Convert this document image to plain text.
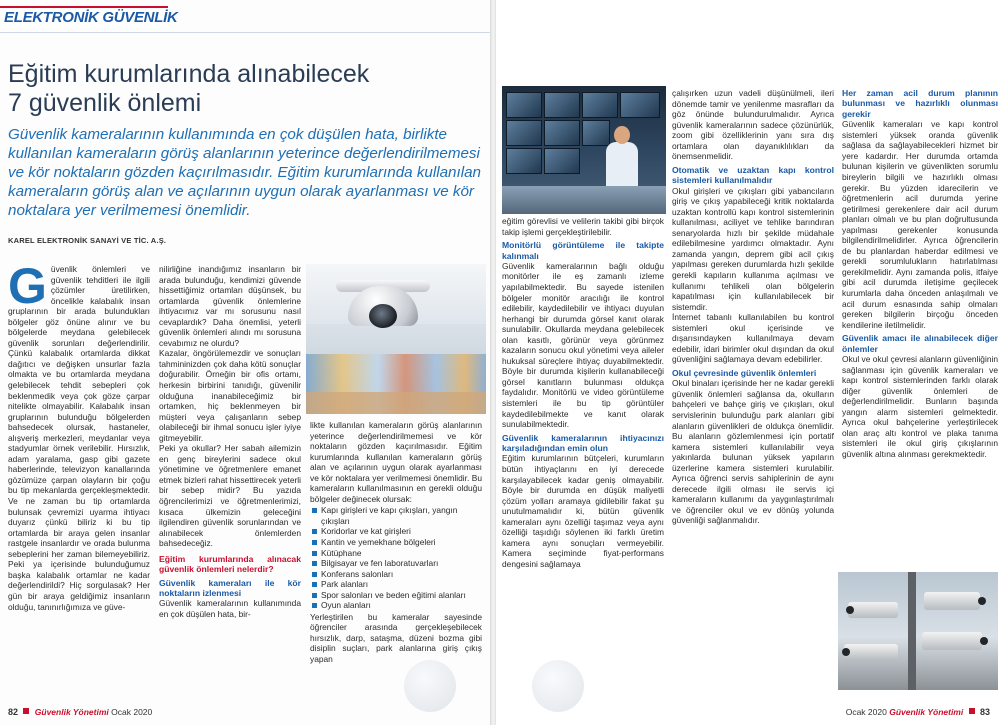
ELEKTRONİK GÜVENLİK
Eğitim kurumlarında alınabilecek
7 güvenlik önlemi
Güvenlik kameralarının kullanımında en çok düşülen hata, birlikte kullanılan kameraların görüş alanlarının yeterince değerlendirilmemesi ve kör noktaların gözden kaçırılmasıdır. Eğitim kurumlarında kullanılan kameraların görüş alan ve açılarının uygun olarak ayarlanması ve kör noktalara yer verilmemesi önemlidir.
KAREL ELEKTRONİK SANAYİ VE TİC. A.Ş.
G üvenlik önlemleri ve güvenlik tehditleri ile ilgili çözümler üretilirken, öncelikle kalabalık insan gruplarının bir arada bulundukları bölgeler göz önüne alınır ve bu bölgelerde meydana gelebilecek güvenlik sorunları değerlendirilir. Çünkü kalabalık ortamlarda dikkat dağıtıcı ve değişken unsurlar fazla olmakta ve bu ortamlarda meydana gelebilecek tehdit sebepleri çok beklenmedik veya çok göze çarpar nitelikte olmayabilir. Kalabalık insan gruplarının bulunduğu bölgelerden bahsedecek olursak, hastaneler, alışveriş merkezleri, meydanlar veya stadyumlar örnek verilebilir. Hırsızlık, adam yaralama, gasp gibi gazete haberlerinde, televizyon kanallarında gözümüze çarpan olayların bir çoğu bu tip mekanlarda gerçekleşmektedir. Ve ne zaman bu tip ortamlarda bulunsak çevremizi uyarma ihtiyacı duyarız çünkü biliriz ki bu tip ortamlarda bir araya gelen insanlar rastgele insanlardır ve orada bulunma sebeplerini her zaman bilemeyebiliriz. Peki ya içerisinde bulunduğumuz başka kalabalık ortamlar ne kadar değerlendirildi? Hiç sorgulasak? Her gün bir araya geldiğimiz insanların olduğu, tanınırlığımıza ve güve-

nilirliğine inandığımız insanların bir arada bulunduğu, kendimizi güvende hissettiğimiz ortamları düşünsek, bu ortamlarda güvenlik önlemlerine ihtiyacımız var mı sorusunu nasıl cevaplardık? Daha önemlisi, yeterli güvenlik önlemleri alındı mı sorusuna cevabımız ne olurdu?

Kazalar, öngörülemezdir ve sonuçları tahmininizden çok daha kötü sonuçlar doğurabilir. Örneğin bir ofis ortamı, herkesin birbirini tanıdığı, güvenilir olduğuna inanabileceğimiz bir ortamken, hiç beklenmeyen bir müşteri veya çalışanların sebep olabileceği bir ihmal sonucu işler iyiye gitmeyebilir.

Peki ya okullar? Her sabah ailemizin en genç bireylerini sadece okul yönetimine ve öğretmenlere emanet etmek bizleri rahat hissettirecek yeterli bir sebep midir? Bu yazıda öğrencilerimizi ve öğretmenlerimizi, kısaca ülkemizin geleceğini ilgilendiren güvenlik sorunlarından ve alınabilecek önlemlerden bahsedeceğiz.

Eğitim kurumlarında alınacak güvenlik önlemleri nelerdir?
Güvenlik kameraları ile kör noktaların izlenmesi

Güvenlik kameralarının kullanımında en çok düşülen hata, bir-

likte kullanılan kameraların görüş alanlarının yeterince değerlendirilmemesi ve kör noktaların gözden kaçırılmasıdır. Eğitim kurumlarında kullanılan kameraların görüş alan ve açılarının uygun olarak ayarlanması ve kör noktalara yer verilmemesi önemlidir. Bu kameraların kullanılmasının en gerekli olduğu bölgeler değinecek olursak:

Kapı girişleri ve kapı çıkışları, yangın çıkışları
Koridorlar ve kat girişleri
Kantin ve yemekhane bölgeleri
Kütüphane
Bilgisayar ve fen laboratuvarları
Konferans salonları
Park alanları
Spor salonları ve beden eğitimi alanları
Oyun alanları

Yerleştirilen bu kameralar sayesinde öğrenciler arasında gerçekleşebilecek hırsızlık, darp, sataşma, düzeni bozma gibi disiplin suçları, park alanlarına giriş çıkış yapan

82 Güvenlik Yönetimi Ocak 2020

eğitim görevlisi ve velilerin takibi gibi birçok takip işlemi gerçekleştirilebilir.

Monitörlü görüntüleme ile takipte kalınmalı

Güvenlik kameralarının bağlı olduğu monitörler ile eş zamanlı izleme yapılabilmektedir. Bu sayede istenilen bölgeler monitör aracılığı ile kontrol edilebilir, kaydedilebilir ve ihtiyacı duyulan herhangi bir durumda görsel kanıt olarak sunulabilir. Okullarda meydana gelebilecek olan kasıtlı, görünür veya görünmez kazaların sonucu okul yönetimi veya aileler hukuksal süreçlere ihtiyaç duyabilmektedir. Böyle bir durumda kişilerin kullanabileceği görsel kanıtların bulunması oldukça faydalıdır. Monitörlü ve video görüntüleme sistemleri ile bu tip görüntüler kaydedilebilmekte ve kanıt olarak sunulabilmektedir.

Güvenlik kameralarının ihtiyacınızı karşıladığından emin olun

Eğitim kurumlarının bütçeleri, kurumların bütün ihtiyaçlarını en iyi derecede karşılayabilecek kadar geniş olmayabilir. Böyle bir durumda en düşük maliyetli çözüm yolları aramaya gidilebilir fakat şu unutulmamalıdır ki, bütün güvenlik kameraları aynı özelliği taşımaz veya aynı özelliği taşıdığı söylenen iki farklı üretim kamera aynı sonuçları vermeyebilir. Kamera seçiminde fiyat-performans dengesini sağlamaya

çalışırken uzun vadeli düşünülmeli, ileri dönemde tamir ve yenilenme masrafları da göz önünde bulundurulmalıdır. Ayrıca güvenlik kameralarının sadece çözünürlük, zoom gibi özelliklerinin yanı sıra dış ortamlara olan dayanıklılıkları da önemsenmelidir.

Otomatik ve uzaktan kapı kontrol sistemleri kullanılmalıdır

Okul girişleri ve çıkışları gibi yabancıların giriş ve çıkış yapabileceği kritik noktalarda uzaktan kontrollü kapı kontrol sistemlerinin kullanılması, aciliyet ve tehlike barındıran senaryolarda hızlı bir şekilde müdahale edilebilmesine yardımcı olmaktadır. Aynı zamanda yangın, deprem gibi acil çıkış yapılması gereken durumlarda hızlı şekilde gerekli kapıların kullanıma açılması ve kullanımı tehlikeli olan bölgelerin kapatılması için kullanılabilecek bir sistemdir.

İnternet tabanlı kullanılabilen bu kontrol sistemleri okul içerisinde ve dışarısındayken kullanılmaya devam edebilir, idari birimler okul dışından da okul güvenliğini sağlamaya devam edebilirler.

Okul çevresinde güvenlik önlemleri

Okul binaları içerisinde her ne kadar gerekli güvenlik önlemleri sağlansa da, okulların bahçeleri ve bahçe giriş ve çıkışları, okul servislerinin bulunduğu park alanları gibi alanların güvenlikleri de oldukça önemlidir. Bu alanların gözlemlenmesi için portatif kamera sistemleri kullanılabilir veya yakınlarda bulunan yüksek yapıların üzerlerine kamera sistemleri kurulabilir. Ayrıca öğrenci servis sahiplerinin de aynı derecede ilgili olması ile servis içi kameraların kullanımı da yaygınlaştırılmalı ve öğrenciler okul ve ev dönüş yolunda güvenliği sağlanmalıdır.

Her zaman acil durum planının bulunması ve hazırlıklı olunması gerekir

Güvenlik kameraları ve kapı kontrol sistemleri yüksek oranda güvenlik sağlasa da sağlayabilecekleri hizmet bir yere kadardır. Her durumda ortamda bulunan kişilerin ve güvenlikten sorumlu bireylerin bilgili ve hazırlıklı olması gerekir. Bu yüzden idarecilerin ve öğretmenlerin acil durumda yerine getirilmesi gerekenlere dair acil durum planları olmalı ve bu plan doğrultusunda yapılması gerekenler konusunda bilgilendirilmelidirler. Ayrıca öğrencilerin de bu planlardan haberdar edilmesi ve gerekli sorumlulukların hatırlatılması gerekilmelidir. Aynı zamanda polis, itfaiye gibi acil durumda iletişime geçilecek kurumlarla daha önceden anlaşılmalı ve acil durum esnasında sahip olmaları gereken bilgilerin birçoğu önceden kendilerine iletilmelidir.

Güvenlik amacı ile alınabilecek diğer önlemler

Okul ve okul çevresi alanların güvenliğinin sağlanması için güvenlik kameraları ve kapı kontrol sistemlerinden farklı olarak diğer güvenlik önlemleri de değerlendirilmelidir. Bunların başında yangın alarm sistemleri gelmektedir. Ayrıca okul bahçelerine yerleştirilecek olan araç altı kontrol ve plaka tanıma sistemleri ile okul giriş çıkışlarının güvenlik altına alınması gerekmektedir.

Ocak 2020 Güvenlik Yönetimi 83
